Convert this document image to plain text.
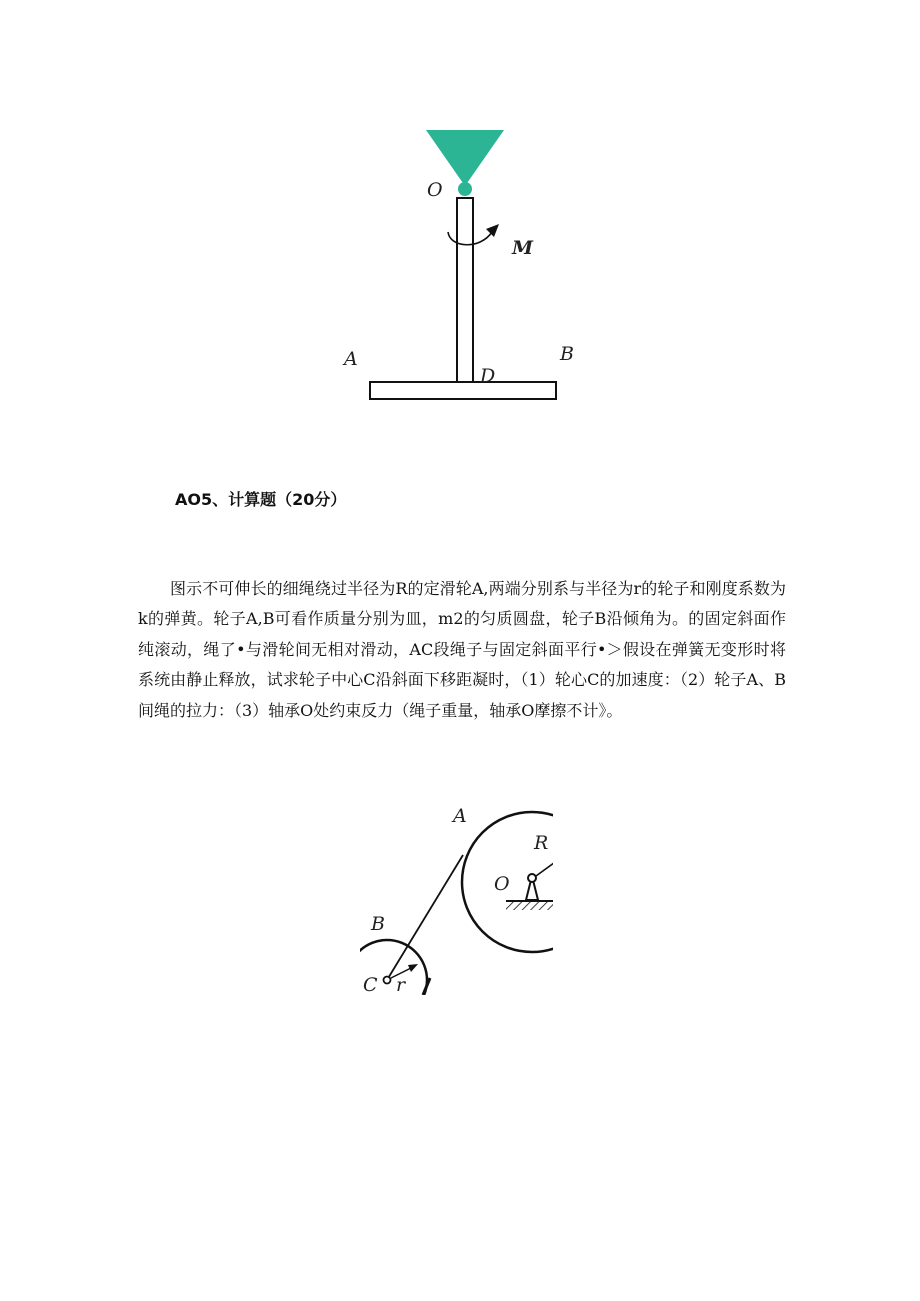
O
M
A	B
D
AO5、计算题（20分）

图示不可伸长的细绳绕过半径为R的定滑轮A,两端分别系与半径为r的轮子和刚度系数为k的弹黄。轮子A,B可看作质量分别为皿，m2的匀质圆盘，轮子B沿倾角为。的固定斜面作纯滚动，绳了•与滑轮间无相对滑动，AC段绳子与固定斜面平行•＞假设在弹簧无变形时将系统由静止释放，试求轮子中心C沿斜面下移距凝时，（1）轮心C的加速度：（2）轮子A、B间绳的拉力：（3）轴承O处约束反力（绳子重量，轴承O摩擦不计》。

A
R
O
B
C r
